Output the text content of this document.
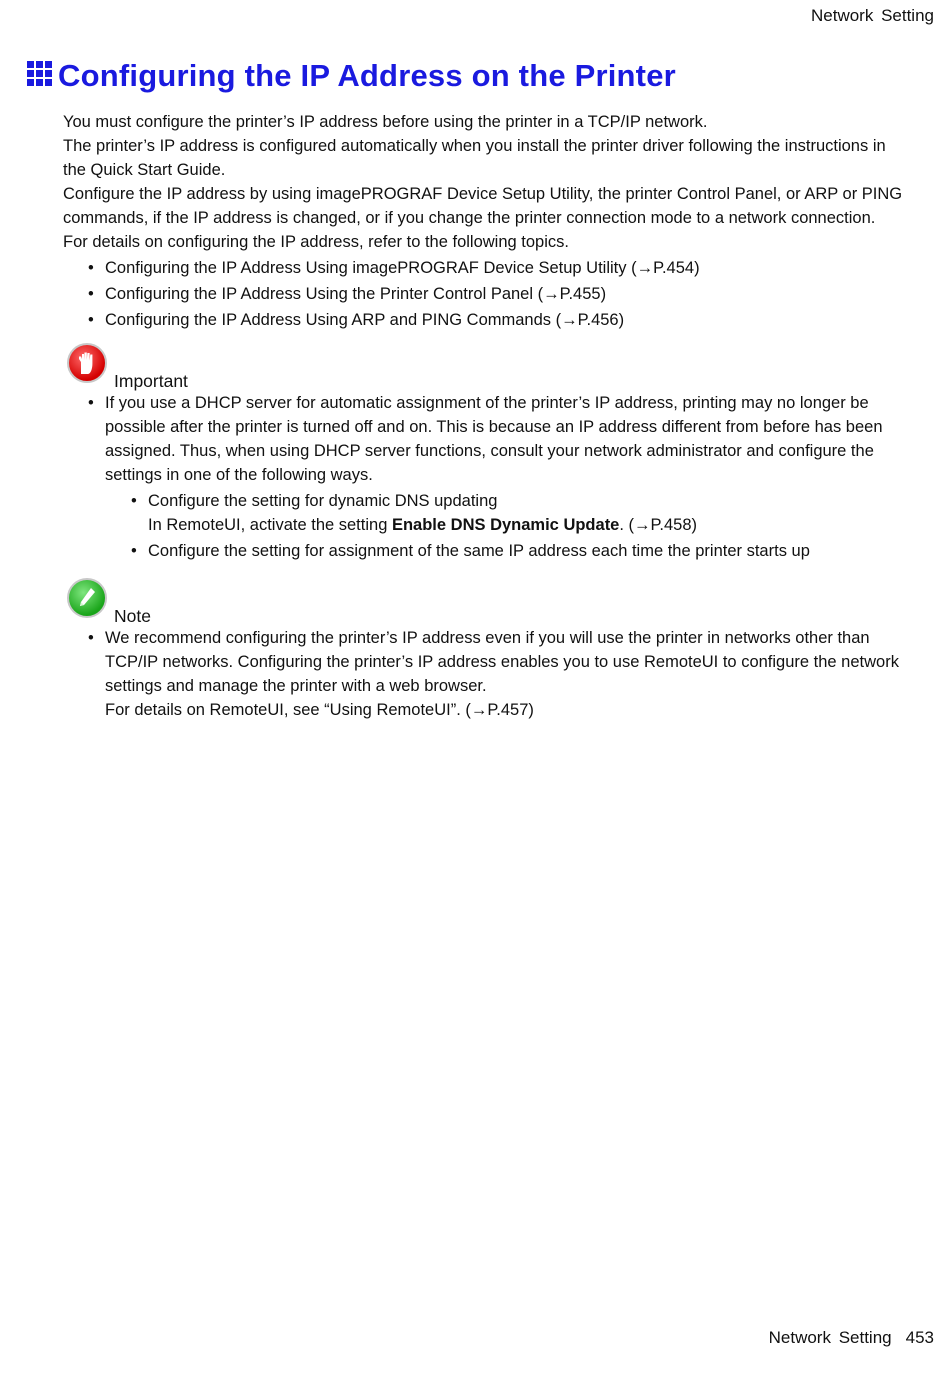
Network Setting
Configuring the IP Address on the Printer

You must configure the printer’s IP address before using the printer in a TCP/IP network.

The printer’s IP address is configured automatically when you install the printer driver following the instructions in the Quick Start Guide.

Configure the IP address by using imagePROGRAF Device Setup Utility, the printer Control Panel, or ARP or PING commands, if the IP address is changed, or if you change the printer connection mode to a network connection. For details on configuring the IP address, refer to the following topics.

• Configuring the IP Address Using imagePROGRAF Device Setup Utility (→P.454)
• Configuring the IP Address Using the Printer Control Panel (→P.455)
• Configuring the IP Address Using ARP and PING Commands (→P.456)
Important
• If you use a DHCP server for automatic assignment of the printer’s IP address, printing may no longer be possible after the printer is turned off and on. This is because an IP address different from before has been assigned. Thus, when using DHCP server functions, consult your network administrator and configure the settings in one of the following ways.
• Configure the setting for dynamic DNS updating
In RemoteUI, activate the setting Enable DNS Dynamic Update. (→P.458)
• Configure the setting for assignment of the same IP address each time the printer starts up
Note
• We recommend configuring the printer’s IP address even if you will use the printer in networks other than TCP/IP networks. Configuring the printer’s IP address enables you to use RemoteUI to configure the network settings and manage the printer with a web browser.
For details on RemoteUI, see “Using RemoteUI”. (→P.457)
Network Setting 453
